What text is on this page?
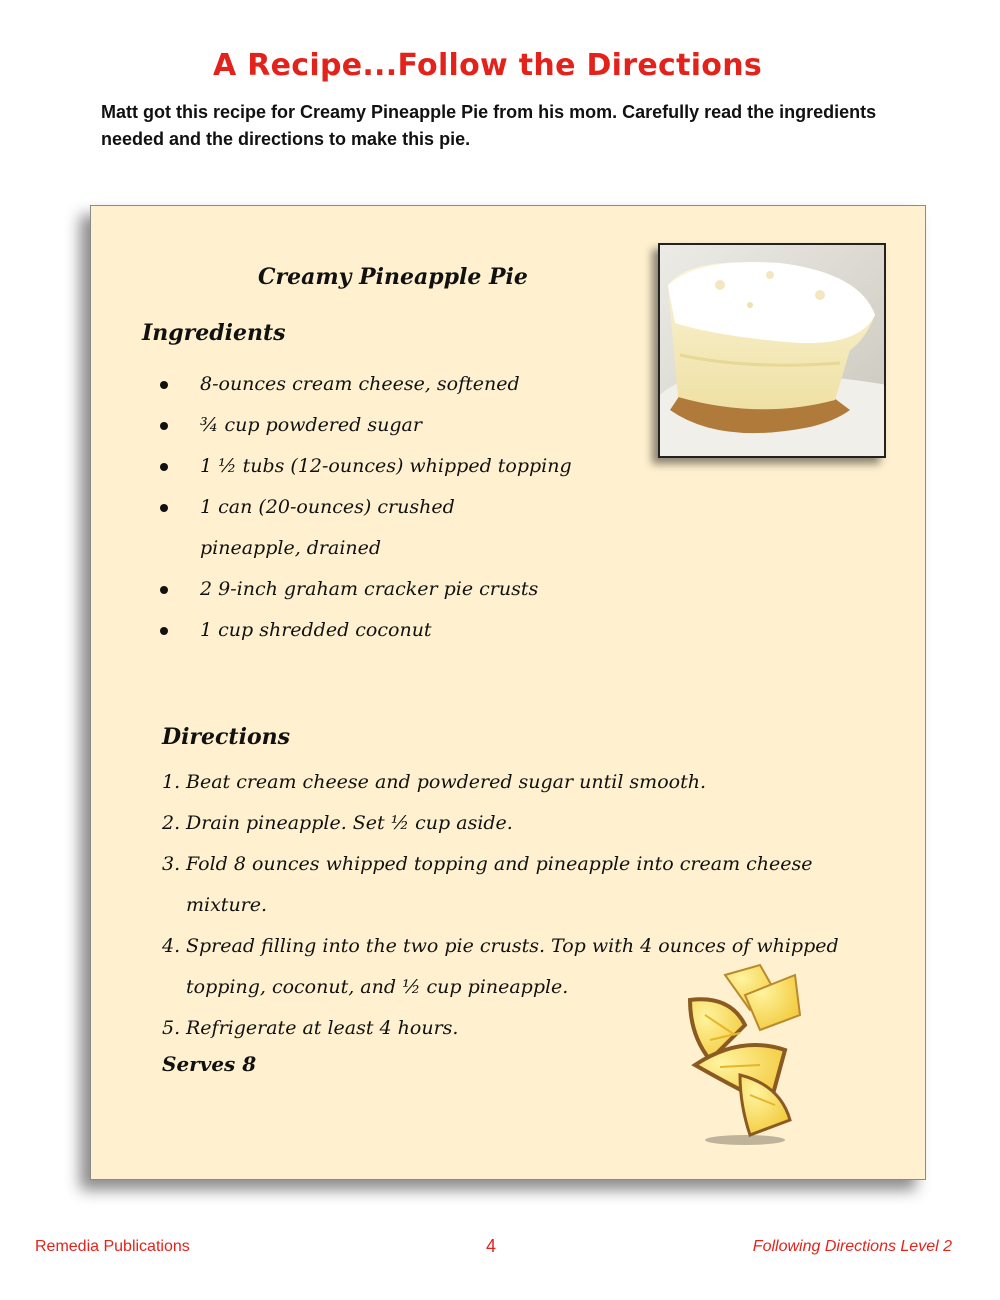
A Recipe...Follow the Directions
Matt got this recipe for Creamy Pineapple Pie from his mom. Carefully read the ingredients needed and the directions to make this pie.
Creamy Pineapple Pie
Ingredients
8-ounces cream cheese, softened
¾ cup powdered sugar
1 ½ tubs (12-ounces) whipped topping
1 can (20-ounces) crushed pineapple, drained
2 9-inch graham cracker pie crusts
1 cup shredded coconut
Directions
1. Beat cream cheese and powdered sugar until smooth.
2. Drain pineapple. Set ½ cup aside.
3. Fold 8 ounces whipped topping and pineapple into cream cheese mixture.
4. Spread filling into the two pie crusts. Top with 4 ounces of whipped topping, coconut, and ½ cup pineapple.
5. Refrigerate at least 4 hours.
Serves 8
Remedia Publications	4	Following Directions Level 2
